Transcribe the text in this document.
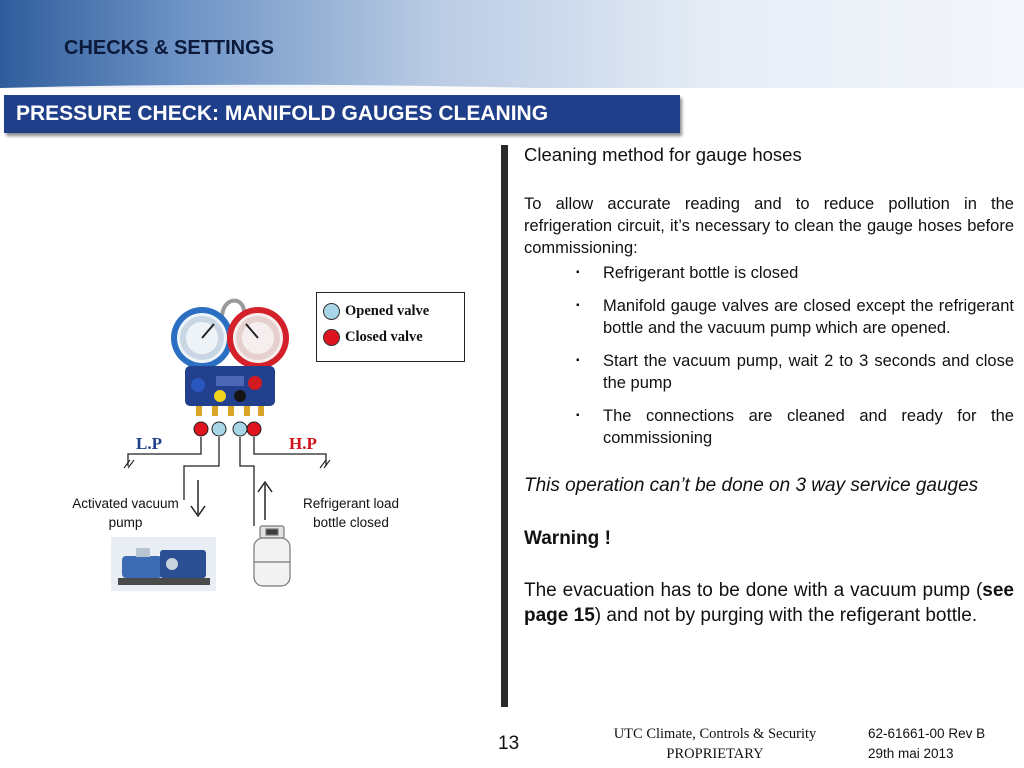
CHECKS & SETTINGS
PRESSURE CHECK: MANIFOLD GAUGES CLEANING
Opened valve
Closed valve
L.P	H.P
Activated vacuum pump
Refrigerant load bottle closed
Cleaning method for gauge hoses
To allow accurate reading and to reduce pollution in the refrigeration circuit, it’s necessary to clean the gauge hoses before commissioning:
▪ Refrigerant bottle is closed
▪ Manifold gauge valves are closed except the refrigerant bottle and the vacuum pump which are opened.
▪ Start the vacuum pump, wait 2 to 3 seconds and close the pump
▪ The connections are cleaned and ready for the commissioning
This operation can’t be done on 3 way service gauges
Warning !
The evacuation has to be done with a vacuum pump (see page 15) and not by purging with the refigerant bottle.
13	UTC Climate, Controls & Security
PROPRIETARY
62-61661-00 Rev B
29th mai 2013
